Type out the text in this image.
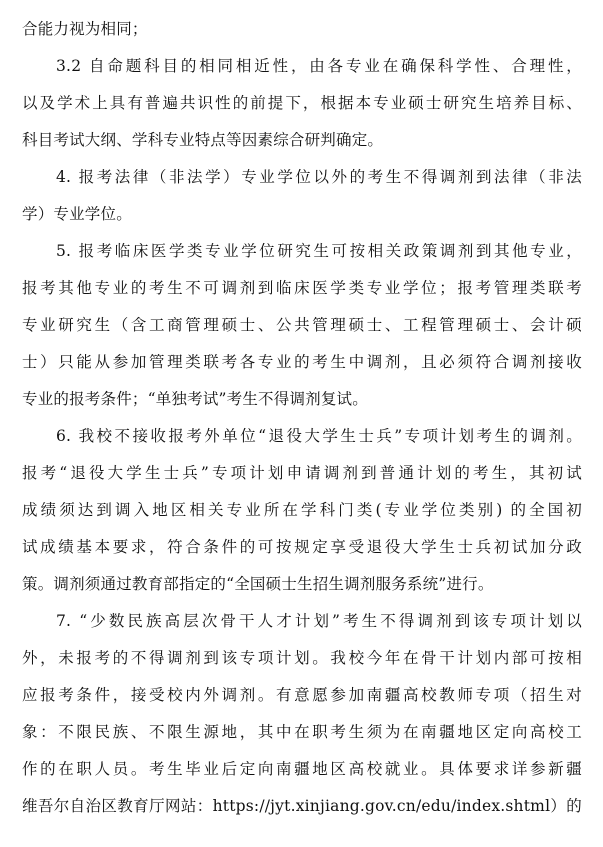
合能力视为相同；
3.2 自命题科目的相同相近性，由各专业在确保科学性、合理性，
以及学术上具有普遍共识性的前提下，根据本专业硕士研究生培养目标、
科目考试大纲、学科专业特点等因素综合研判确定。
4. 报考法律（非法学）专业学位以外的考生不得调剂到法律（非法
学）专业学位。
5. 报考临床医学类专业学位研究生可按相关政策调剂到其他专业，
报考其他专业的考生不可调剂到临床医学类专业学位；报考管理类联考
专业研究生（含工商管理硕士、公共管理硕士、工程管理硕士、会计硕
士）只能从参加管理类联考各专业的考生中调剂，且必须符合调剂接收
专业的报考条件；“单独考试”考生不得调剂复试。
6. 我校不接收报考外单位“退役大学生士兵”专项计划考生的调剂。
报考“退役大学生士兵”专项计划申请调剂到普通计划的考生，其初试
成绩须达到调入地区相关专业所在学科门类(专业学位类别) 的全国初
试成绩基本要求，符合条件的可按规定享受退役大学生士兵初试加分政
策。调剂须通过教育部指定的“全国硕士生招生调剂服务系统”进行。
7. “少数民族高层次骨干人才计划”考生不得调剂到该专项计划以
外，未报考的不得调剂到该专项计划。我校今年在骨干计划内部可按相
应报考条件，接受校内外调剂。有意愿参加南疆高校教师专项（招生对
象：不限民族、不限生源地，其中在职考生须为在南疆地区定向高校工
作的在职人员。考生毕业后定向南疆地区高校就业。具体要求详参新疆
维吾尔自治区教育厅网站：https://jyt.xinjiang.gov.cn/edu/index.shtml）的
